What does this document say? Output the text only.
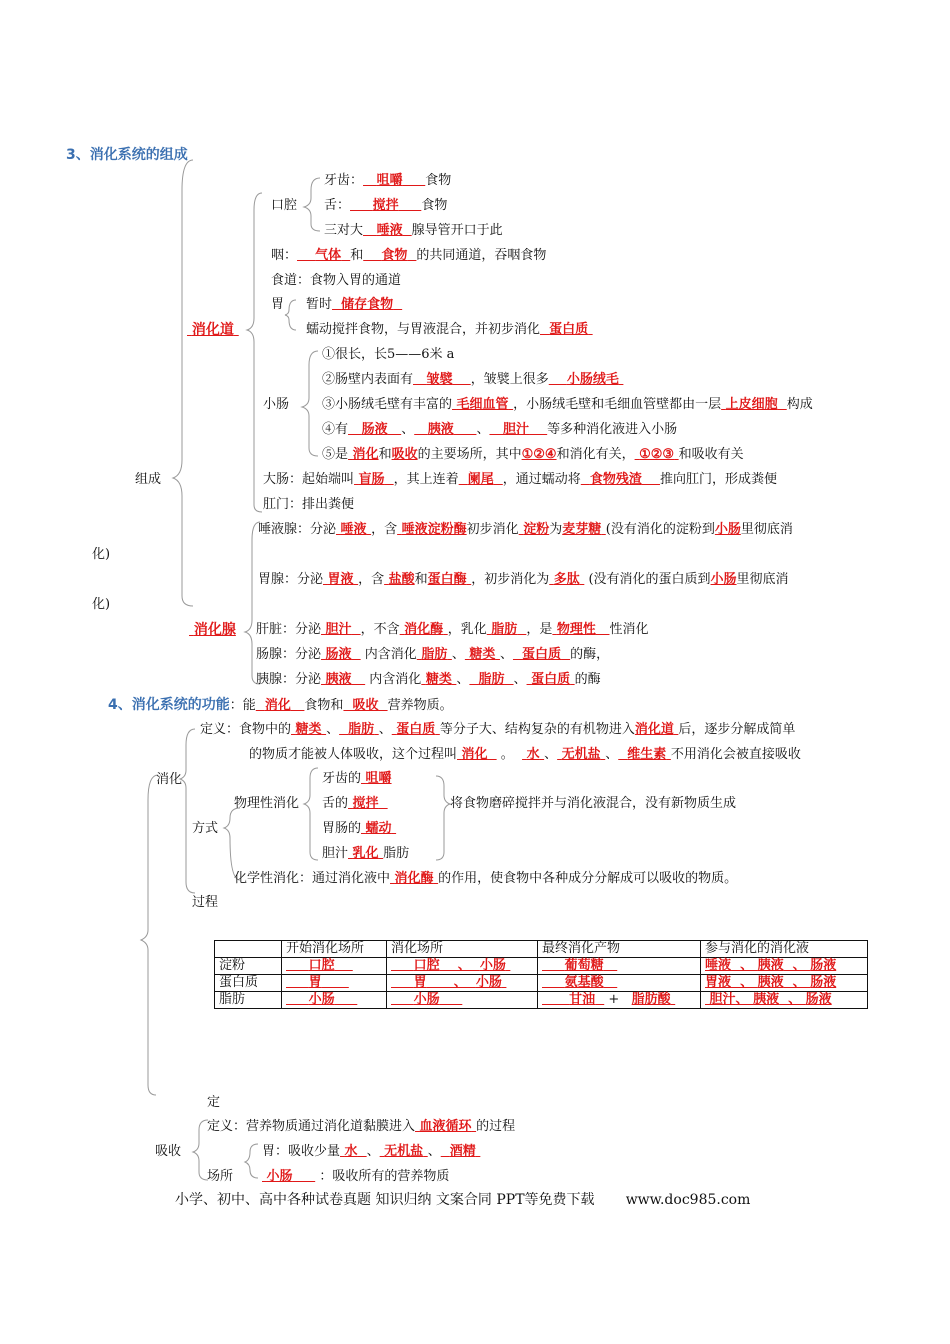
3、消化系统的组成
牙齿： 咀嚼 食物
口腔 舌： 搅拌 食物
三对大 唾液 腺导管开口于此
咽： 气体 和 食物 的共同通道，吞咽食物
食道：食物入胃的通道
胃 暂时 储存食物
消化道	蠕动搅拌食物，与胃液混合，并初步消化 蛋白质
①很长，长5——6米 a
②肠壁内表面有 皱襞 ，皱襞上很多 小肠绒毛
小肠	③小肠绒毛壁有丰富的 毛细血管 ，小肠绒毛壁和毛细血管壁都由一层 上皮细胞 构成
④有 肠液 、 胰液 、 胆汁 等多种消化液进入小肠
⑤是 消化和吸收的主要场所，其中①②④和消化有关， ①②③ 和吸收有关
组成	大肠：起始端叫 盲肠 ，其上连着 阑尾 ，通过蠕动将 食物残渣 推向肛门，形成粪便
肛门：排出粪便
唾液腺：分泌 唾液 ，含 唾液淀粉酶初步消化 淀粉为麦芽糖 (没有消化的淀粉到小肠里彻底消
化)
胃腺：分泌 胃液 ，含 盐酸和蛋白酶 ，初步消化为 多肽 (没有消化的蛋白质到小肠里彻底消
化)
消化腺 肝脏：分泌 胆汁 ，不含 消化酶 ，乳化 脂肪 ，是 物理性 性消化
肠腺：分泌 肠液 内含消化 脂肪 、 糖类 、 蛋白质 的酶，
胰腺：分泌 胰液 内含消化 糖类 、 脂肪 、 蛋白质 的酶
4、消化系统的功能：能 消化 食物和 吸收 营养物质。
定义：食物中的 糖类 、 脂肪 、 蛋白质 等分子大、结构复杂的有机物进入消化道 后，逐步分解成简单
的物质才能被人体吸收，这个过程叫 消化 。 水 、 无机盐 、 维生素 不用消化会被直接吸收
消化	牙齿的 咀嚼
物理性消化 舌的 搅拌	将食物磨碎搅拌并与消化液混合，没有新物质生成
方式	胃肠的 蠕动
胆汁 乳化 脂肪
化学性消化：通过消化液中 消化酶 的作用，使食物中各种成分分解成可以吸收的物质。
过程
	开始消化场所	消化场所	最终消化产物	参与消化的消化液
淀粉	口腔	口腔    、  小肠	葡萄糖	唾液  、 胰液  、 肠液
蛋白质	胃	胃      、  小肠	氨基酸	胃液  、 胰液  、 肠液
脂肪	小肠	小肠	甘油   +   脂肪酸	胆汁、 胰液  、 肠液
定
定义：营养物质通过消化道黏膜进入 血液循环 的过程
吸收	胃：吸收少量 水 、 无机盐 、 酒精
场所	小肠 ：吸收所有的营养物质
小学、初中、高中各种试卷真题 知识归纳 文案合同 PPT等免费下载 www.doc985.com
